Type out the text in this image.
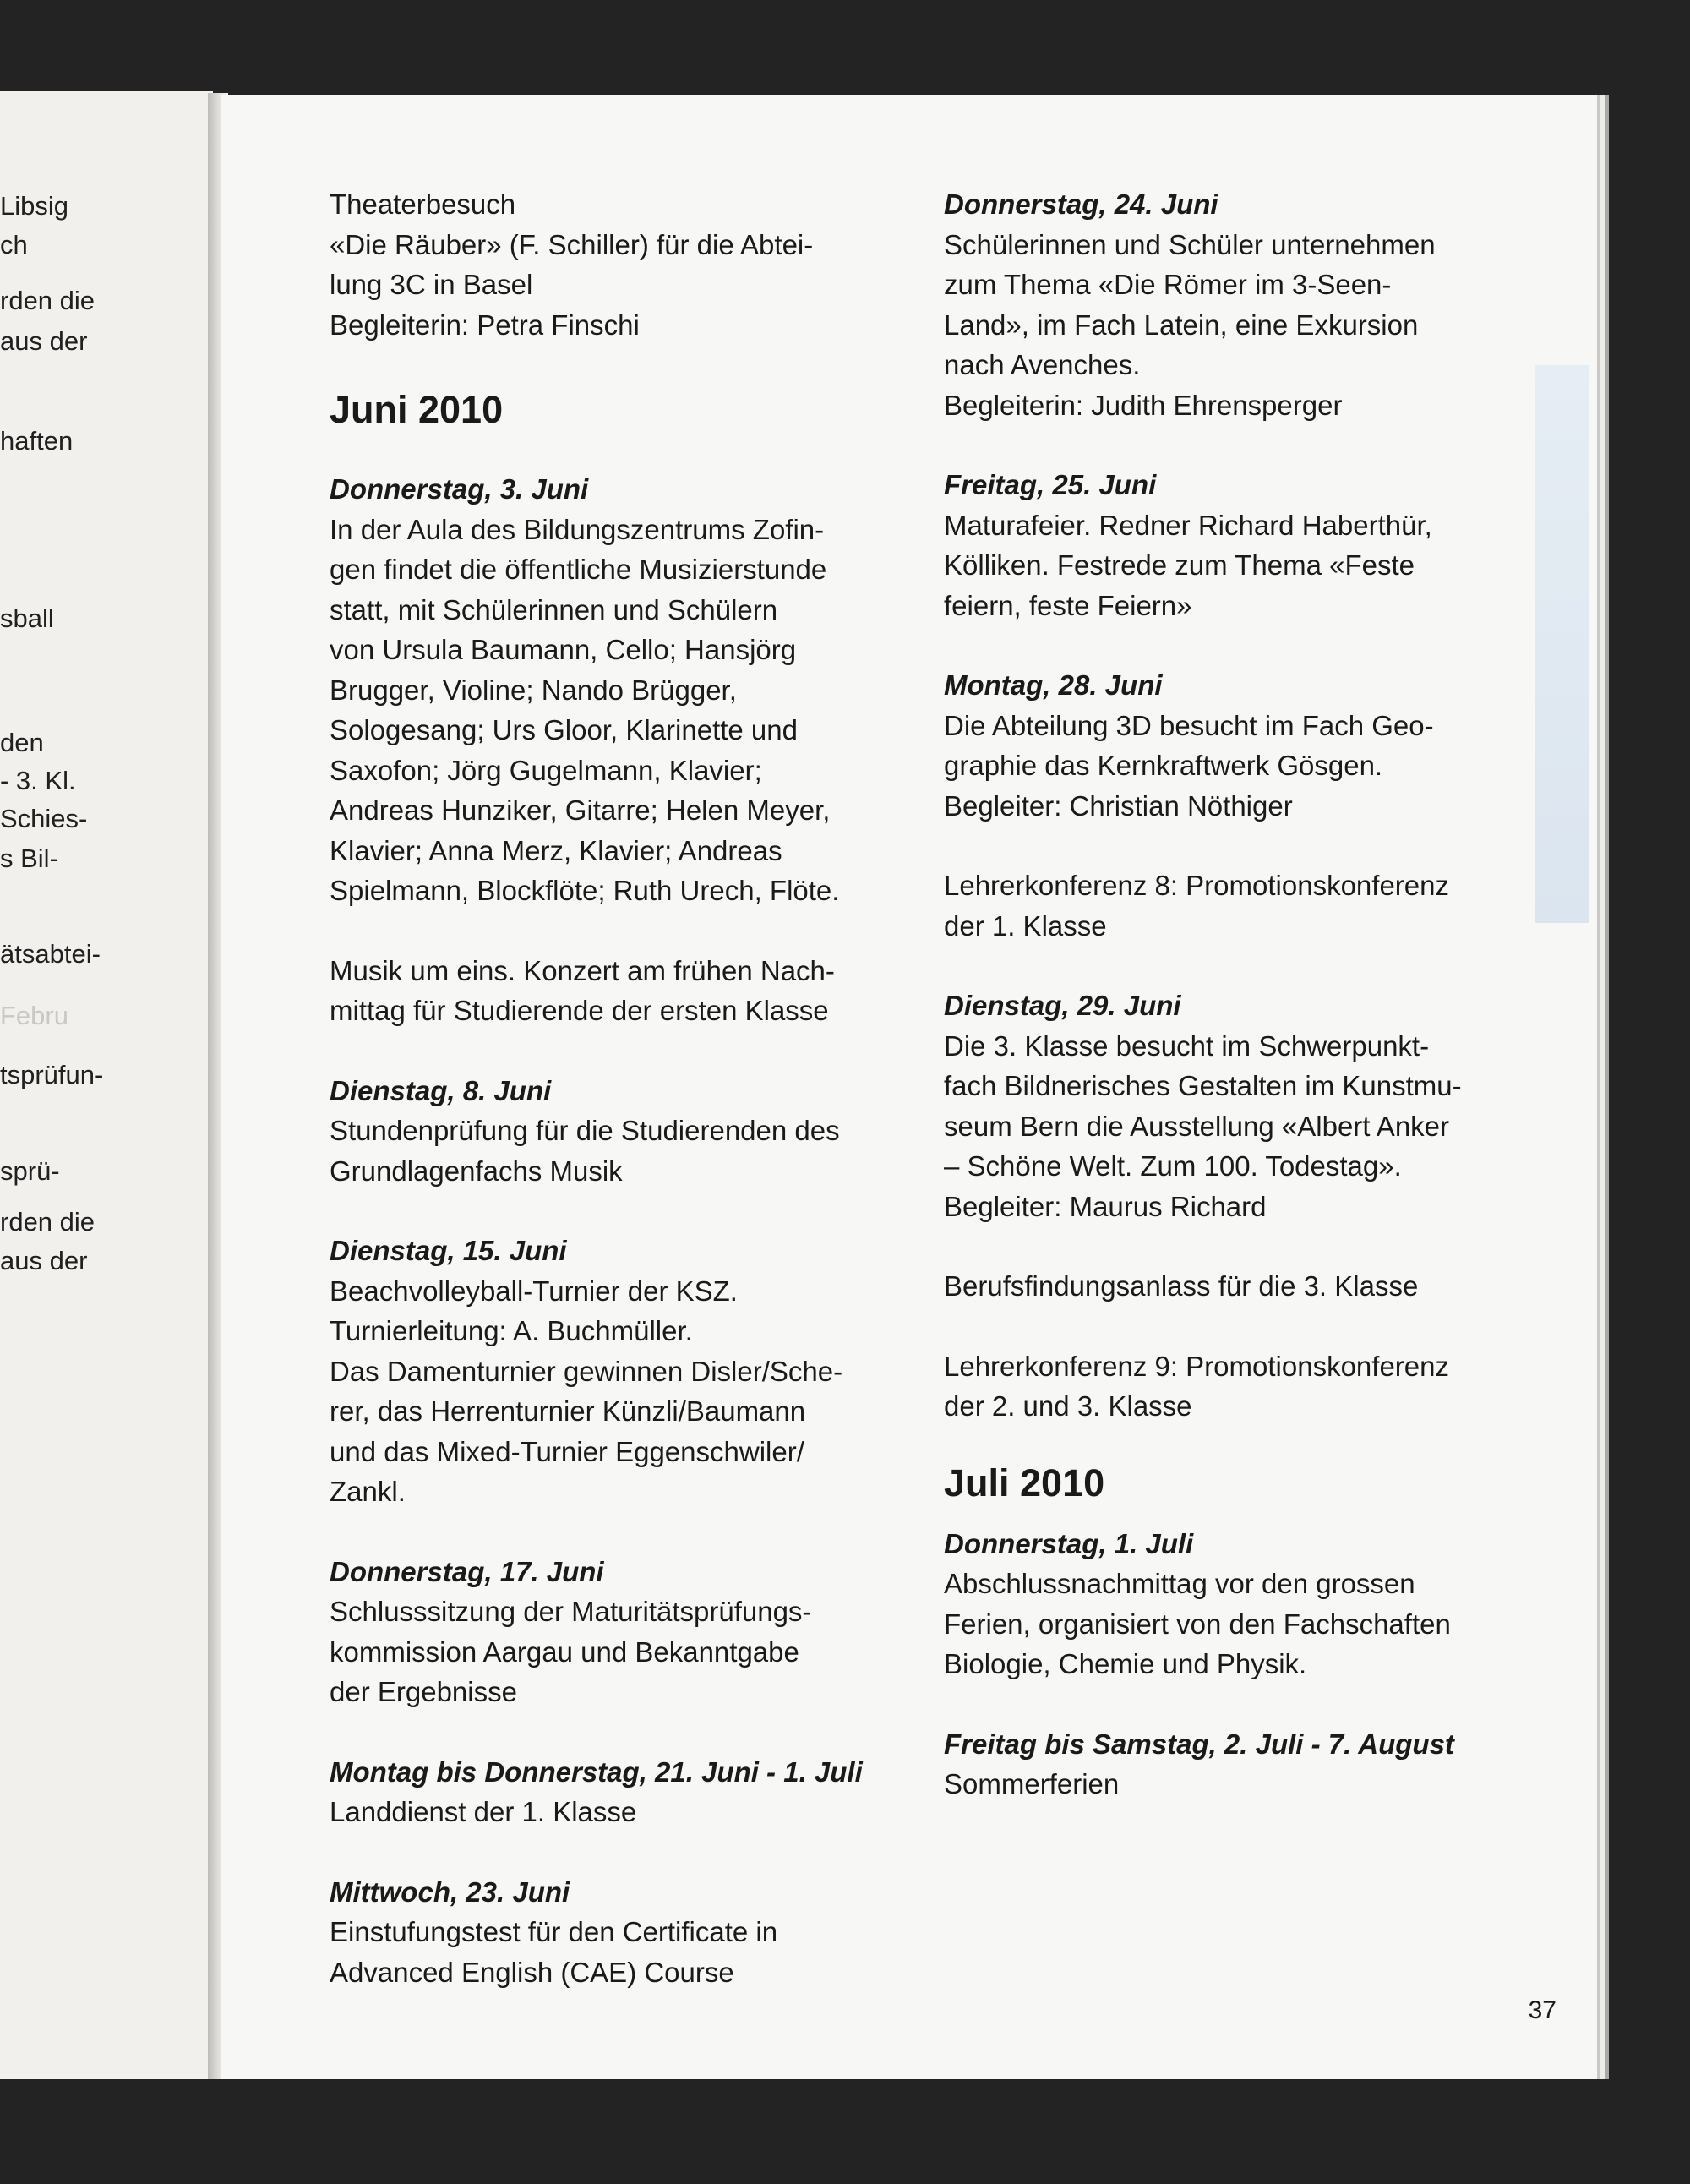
Libsig
ch
rden die
aus der
haften
sball
den
- 3. Kl.
Schies-
s Bil-
ätsabtei-
Febru
tsprüfun-
sprü-
rden die
aus der
Theaterbesuch
«Die Räuber» (F. Schiller) für die Abtei-
lung 3C in Basel
Begleiterin: Petra Finschi
Juni 2010
Donnerstag, 3. Juni
In der Aula des Bildungszentrums Zofin-
gen findet die öffentliche Musizierstunde
statt, mit Schülerinnen und Schülern
von Ursula Baumann, Cello; Hansjörg
Brugger, Violine; Nando Brügger,
Sologesang; Urs Gloor, Klarinette und
Saxofon; Jörg Gugelmann, Klavier;
Andreas Hunziker, Gitarre; Helen Meyer,
Klavier; Anna Merz, Klavier; Andreas
Spielmann, Blockflöte; Ruth Urech, Flöte.
Musik um eins. Konzert am frühen Nach-
mittag für Studierende der ersten Klasse
Dienstag, 8. Juni
Stundenprüfung für die Studierenden des
Grundlagenfachs Musik
Dienstag, 15. Juni
Beachvolleyball-Turnier der KSZ.
Turnierleitung: A. Buchmüller.
Das Damenturnier gewinnen Disler/Sche-
rer, das Herrenturnier Künzli/Baumann
und das Mixed-Turnier Eggenschwiler/
Zankl.
Donnerstag, 17. Juni
Schlusssitzung der Maturitätsprüfungs-
kommission Aargau und Bekanntgabe
der Ergebnisse
Montag bis Donnerstag, 21. Juni - 1. Juli
Landdienst der 1. Klasse
Mittwoch, 23. Juni
Einstufungstest für den Certificate in
Advanced English (CAE) Course
Donnerstag, 24. Juni
Schülerinnen und Schüler unternehmen
zum Thema «Die Römer im 3-Seen-
Land», im Fach Latein, eine Exkursion
nach Avenches.
Begleiterin: Judith Ehrensperger
Freitag, 25. Juni
Maturafeier. Redner Richard Haberthür,
Kölliken. Festrede zum Thema «Feste
feiern, feste Feiern»
Montag, 28. Juni
Die Abteilung 3D besucht im Fach Geo-
graphie das Kernkraftwerk Gösgen.
Begleiter: Christian Nöthiger
Lehrerkonferenz 8: Promotionskonferenz
der 1. Klasse
Dienstag, 29. Juni
Die 3. Klasse besucht im Schwerpunkt-
fach Bildnerisches Gestalten im Kunstmu-
seum Bern die Ausstellung «Albert Anker
– Schöne Welt. Zum 100. Todestag».
Begleiter: Maurus Richard
Berufsfindungsanlass für die 3. Klasse
Lehrerkonferenz 9: Promotionskonferenz
der 2. und 3. Klasse
Juli 2010
Donnerstag, 1. Juli
Abschlussnachmittag vor den grossen
Ferien, organisiert von den Fachschaften
Biologie, Chemie und Physik.
Freitag bis Samstag, 2. Juli - 7. August
Sommerferien
37
